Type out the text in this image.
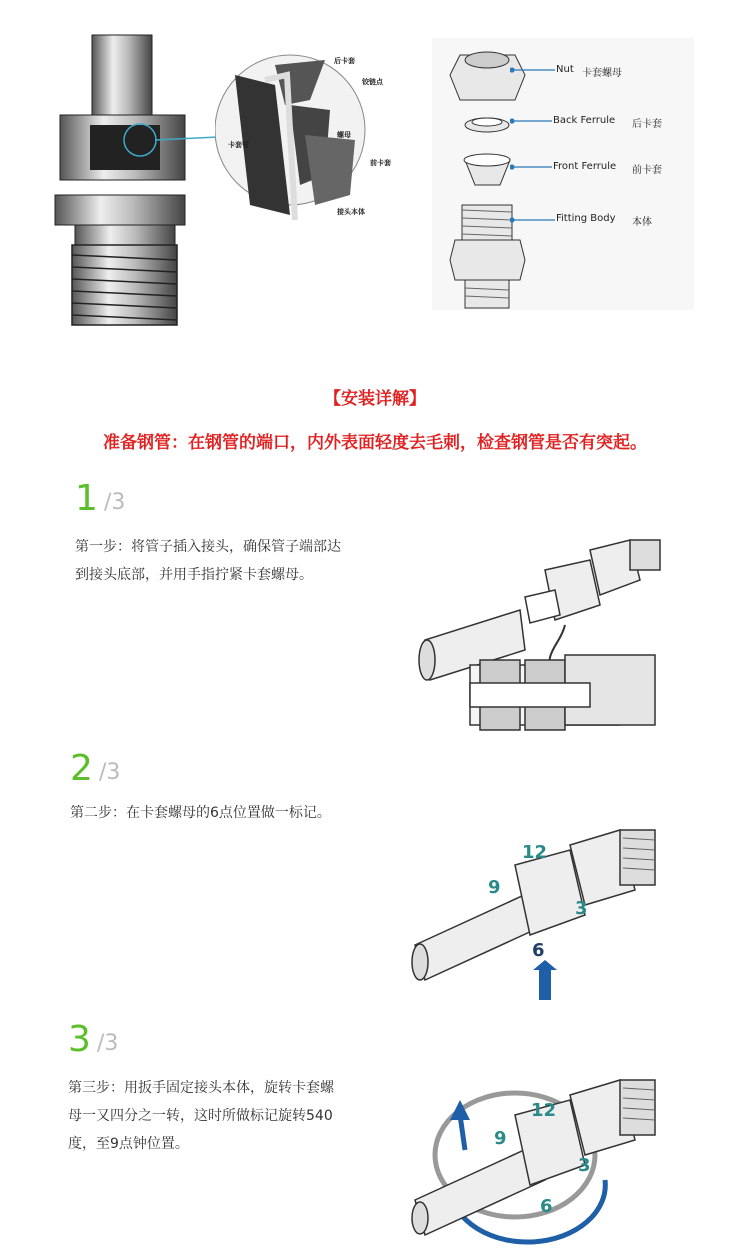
后卡套
铰链点
卡套管
螺母
前卡套
接头本体
Nut 卡套螺母
Back Ferrule 后卡套
Front Ferrule 前卡套
Fitting Body 本体
【安装详解】
准备钢管：在钢管的端口，内外表面轻度去毛刺，检查钢管是否有突起。
1 /3
第一步：将管子插入接头，确保管子端部达
到接头底部，并用手指拧紧卡套螺母。
2 /3
第二步：在卡套螺母的6点位置做一标记。
12
9
3
6
3 /3
第三步：用扳手固定接头本体，旋转卡套螺
母一又四分之一转，这时所做标记旋转540
度，至9点钟位置。
12
9
3
6
